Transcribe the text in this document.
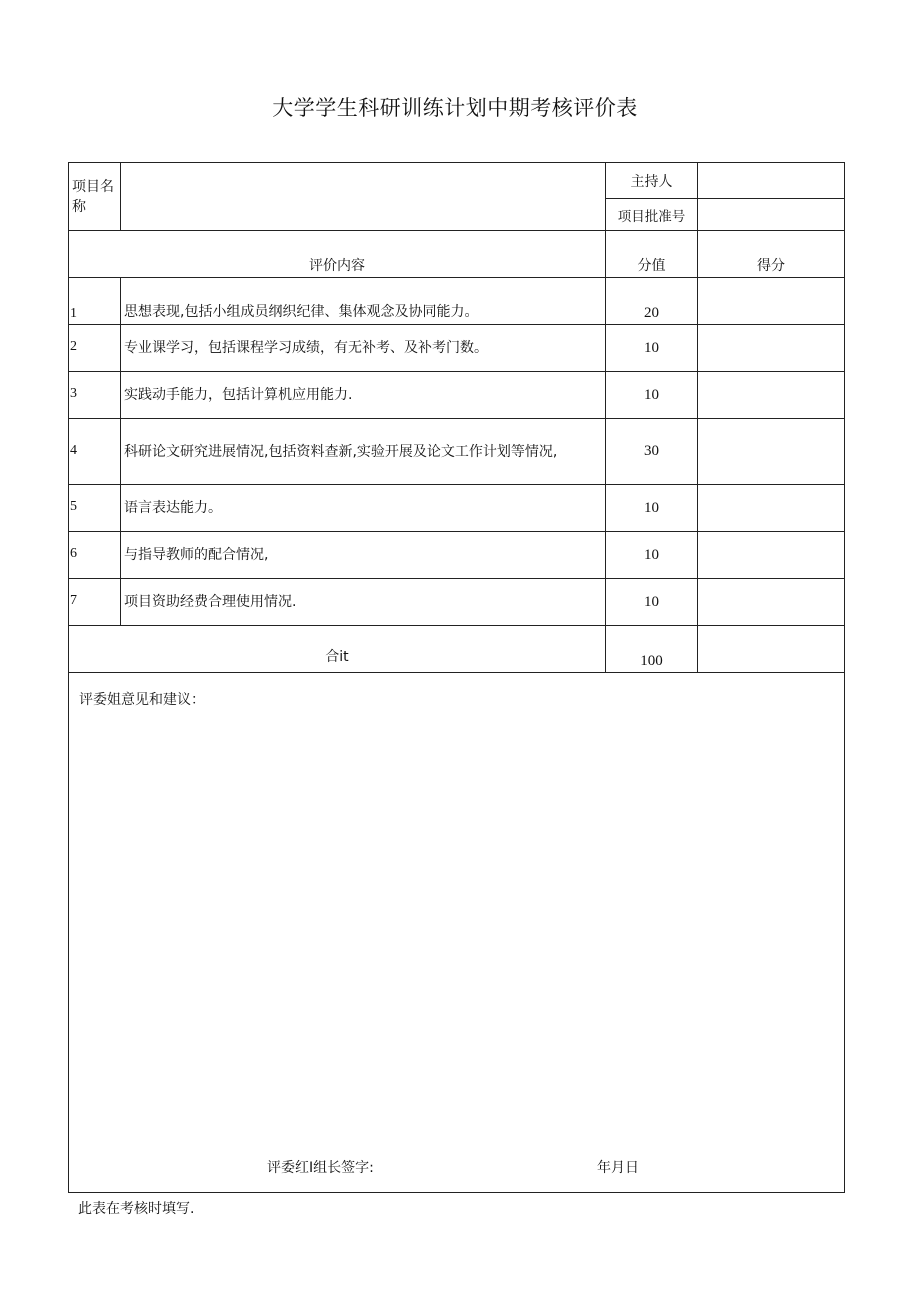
大学学生科研训练计划中期考核评价表
项目名称		主持人	
		项目批准号	

评价内容		分值	得分

1	思想表现,包括小组成员纲织纪律、集体观念及协同能力。	20	

2	专业课学习，包括课程学习成绩，有无补考、及补考门数。	10	

3	实践动手能力，包括计算机应用能力.	10	

4	科研论文研究进展情况,包括资料查新,实验开展及论文工作计划等情况,	30	

5	语言表达能力。	10	

6	与指导教师的配合情况,	10	

7	项目资助经费合理使用情况.	10	

合it		100	

评委姐意见和建议：
评委红I组长签字: 年月日			
此表在考核时填写.
